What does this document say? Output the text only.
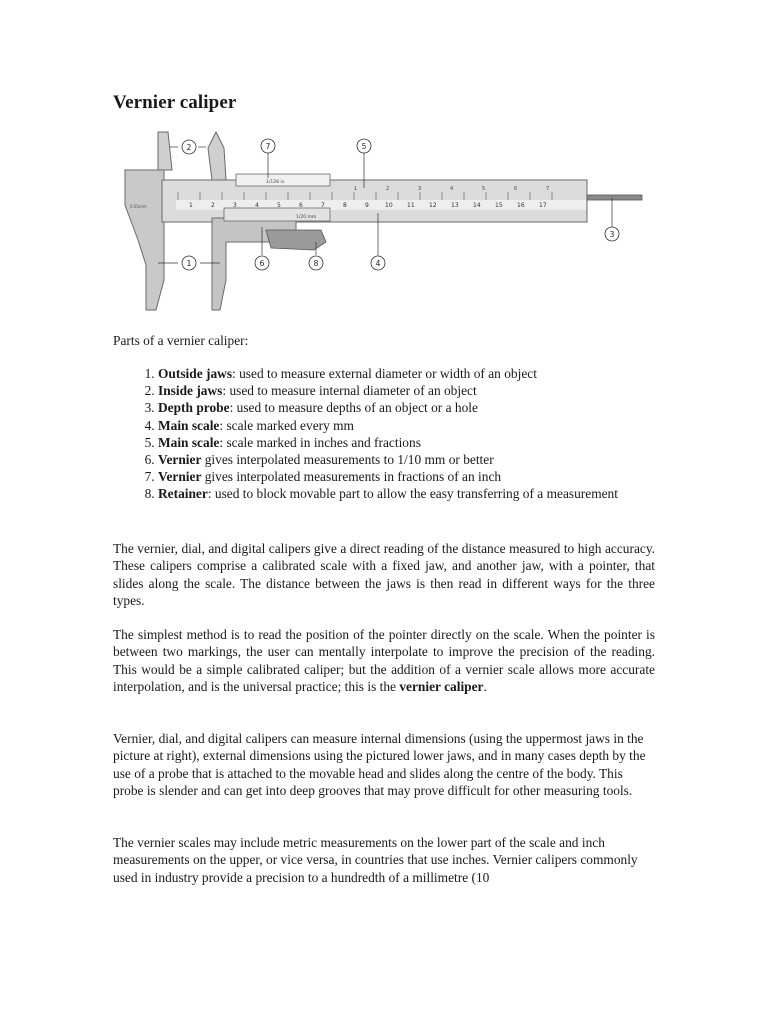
Vernier caliper
1	2	3	4	5	6	7	8	9	10 11 12 13 14 15 16 17
1	2	3	4	5	6	7
0.05mm
1/128 in
1/20 mm
2	7	5
3
1	6	8	4

Parts of a vernier caliper:

1. Outside jaws: used to measure external diameter or width of an object
2. Inside jaws: used to measure internal diameter of an object
3. Depth probe: used to measure depths of an object or a hole
4. Main scale: scale marked every mm
5. Main scale: scale marked in inches and fractions
6. Vernier gives interpolated measurements to 1/10 mm or better
7. Vernier gives interpolated measurements in fractions of an inch
8. Retainer: used to block movable part to allow the easy transferring of a measurement

The vernier, dial, and digital calipers give a direct reading of the distance measured to high accuracy. These calipers comprise a calibrated scale with a fixed jaw, and another jaw, with a pointer, that slides along the scale. The distance between the jaws is then read in different ways for the three types.

The simplest method is to read the position of the pointer directly on the scale. When the pointer is between two markings, the user can mentally interpolate to improve the precision of the reading. This would be a simple calibrated caliper; but the addition of a vernier scale allows more accurate interpolation, and is the universal practice; this is the vernier caliper.

Vernier, dial, and digital calipers can measure internal dimensions (using the uppermost jaws in the picture at right), external dimensions using the pictured lower jaws, and in many cases depth by the use of a probe that is attached to the movable head and slides along the centre of the body. This probe is slender and can get into deep grooves that may prove difficult for other measuring tools.

The vernier scales may include metric measurements on the lower part of the scale and inch measurements on the upper, or vice versa, in countries that use inches. Vernier calipers commonly used in industry provide a precision to a hundredth of a millimetre (10
